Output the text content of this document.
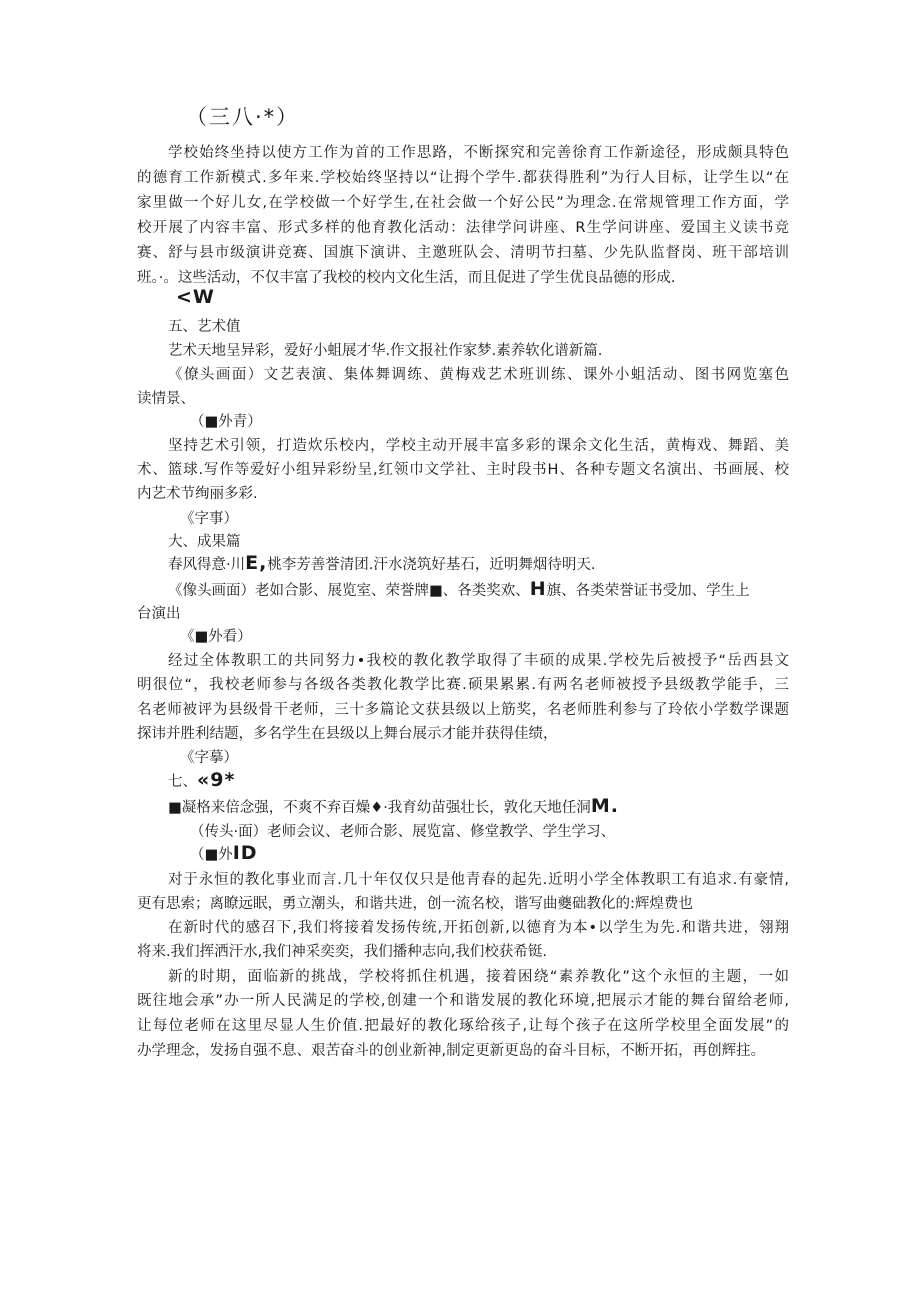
（三八·*）
学校始终坐持以使方工作为首的工作思路，不断探究和完善徐育工作新途径，形成颇具特色
的德育工作新模式.多年来.学校始终坚持以“让拇个学牛.都获得胜利”为行人目标，让学生以“在
家里做一个好儿女,在学校做一个好学生,在社会做一个好公民”为理念.在常规管理工作方面，学
校开展了内容丰富、形式多样的他育教化活动：法律学问讲座、R生学问讲座、爱国主义读书竞
赛、舒与县市级演讲竞赛、国旗下演讲、主邀班队会、清明节扫墓、少先队监督岗、班干部培训
班。·。这些活动，不仅丰富了我校的校内文化生活，而且促进了学生优良品德的形成.
<W
五、艺术值
艺术天地呈异彩，爱好小蛆展才华.作文报社作家梦.素养软化谱新篇.
《僚头画面）文艺表演、集体舞调练、黄梅戏艺术班训练、课外小蛆活动、图书网览塞色
读情景、
（■外青）
坚持艺术引领，打造炊乐校内，学校主动开展丰富多彩的课余文化生活，黄梅戏、舞蹈、美
术、篮球.写作等爱好小组异彩纷呈,红领巾文学社、主时段书H、各种专题文名演出、书画展、校
内艺术节绚丽多彩.
《字事）
大、成果篇
春风得意·川E,桃李芳善誉清团.汗水浇筑好基石，近明舞烟待明天.
《像头画面）老如合影、展览室、荣誉牌■、各类奖欢、H旗、各类荣誉证书受加、学生上
台演出
《■外看）
经过全体教职工的共同努力•我校的教化教学取得了丰硕的成果.学校先后被授予“岳西县文
明很位“，我校老师参与各级各类教化教学比赛.硕果累累.有两名老师被授予县级教学能手，三
名老师被评为县级骨干老师，三十多篇论文获县级以上筋奖，名老师胜利参与了玲依小学数学课题
探讳并胜利结题，多名学生在县级以上舞台展示才能并获得佳绩，
《字摹）
七、«9*
■凝格来倍念强，不爽不弃百燥♦·我育幼苗强壮长，敦化天地任洞M.
（传头·面）老师会议、老师合影、展览富、修堂教学、学生学习、
（■外ID
对于永恒的教化事业而言.几十年仅仅只是他青春的起先.近明小学全体教职工有追求.有豪情,
更有思索；离瞭远眠，勇立潮头，和谐共进，创一流名校，谐写曲夔础教化的:辉煌费也
在新时代的感召下,我们将接着发扬传统,开拓创新,以德育为本•以学生为先.和谐共进，翎翔
将来.我们挥洒汗水,我们神采奕奕，我们播种志向,我们校获希铤.
新的时期，面临新的挑战，学校将抓住机遇，接着困绕“素养教化”这个永恒的主题，一如
既往地会承”办一所人民满足的学校,创建一个和谐发展的教化环境,把展示才能的舞台留给老师,
让每位老师在这里尽显人生价值.把最好的教化琢给孩子,让每个孩子在这所学校里全面发展”的
办学理念，发扬自强不息、艰苦奋斗的创业新神,制定更新更岛的奋斗目标，不断开拓，再创辉拄。
